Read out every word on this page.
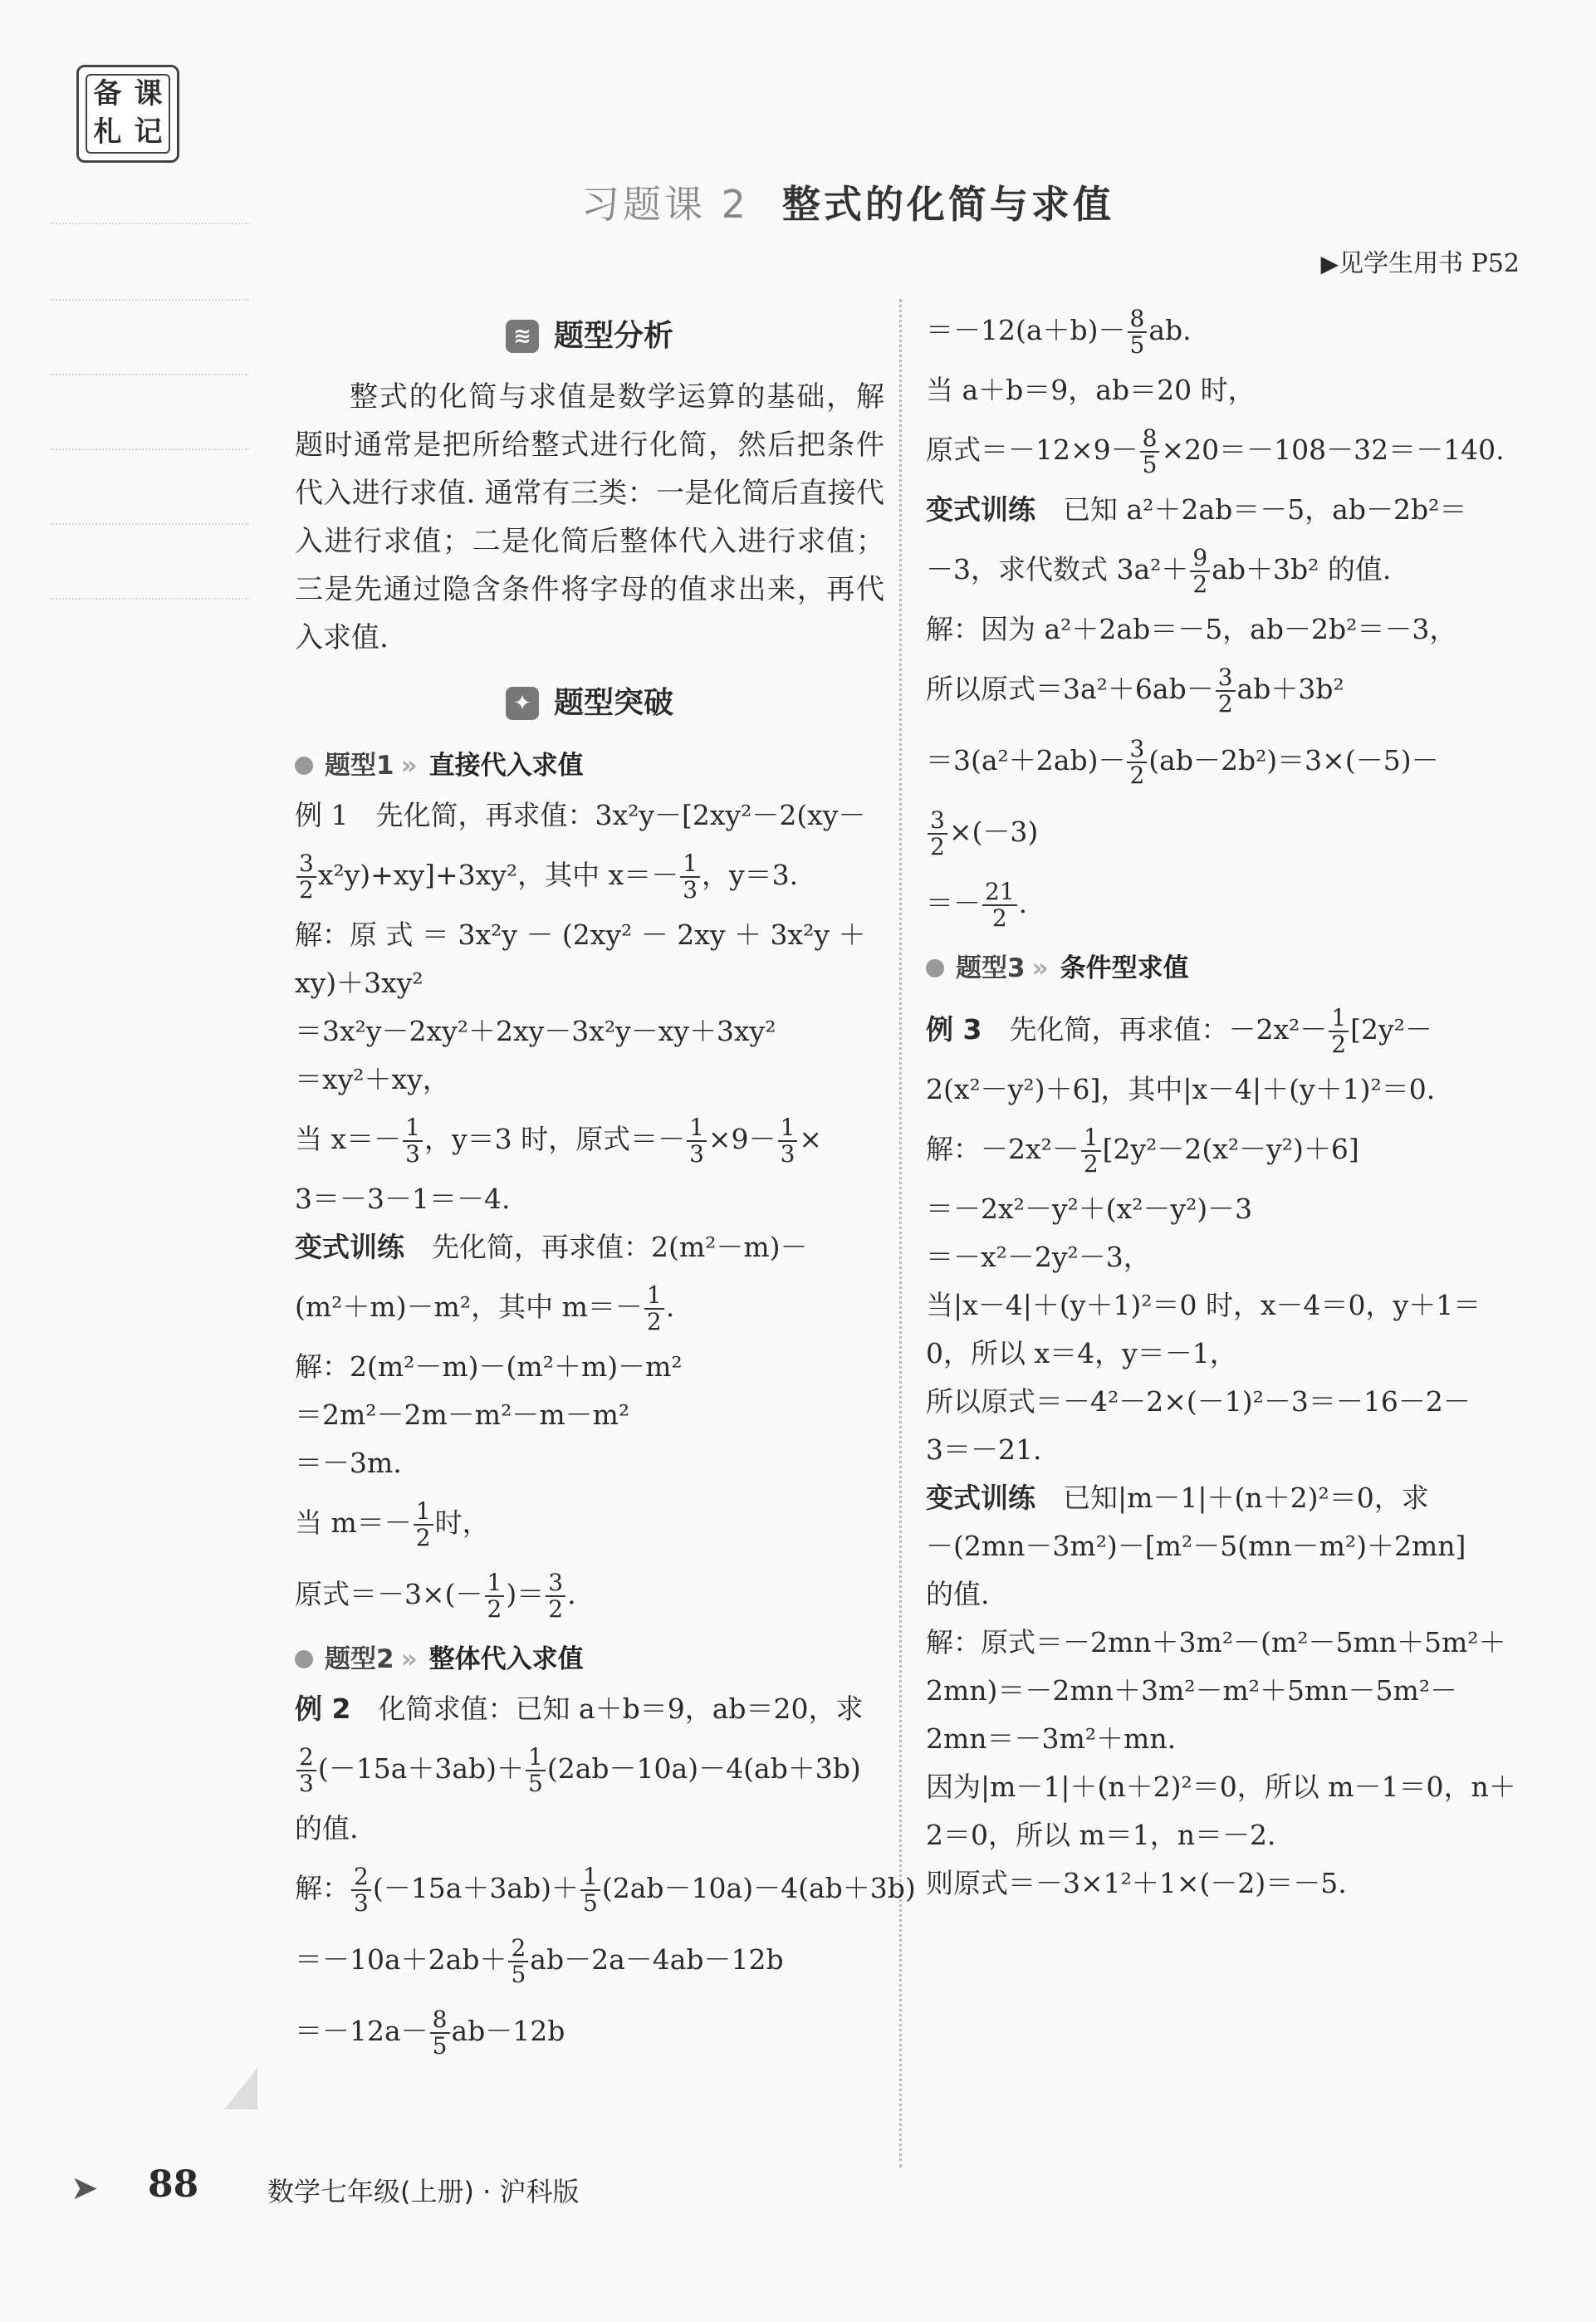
备 课
札 记
习题课 2 整式的化简与求值
▶见学生用书 P52
≋ 题型分析
整式的化简与求值是数学运算的基础，解题时通常是把所给整式进行化简，然后把条件代入进行求值. 通常有三类：一是化简后直接代入进行求值；二是化简后整体代入进行求值；三是先通过隐含条件将字母的值求出来，再代入求值.
✦ 题型突破
题型1 » 直接代入求值
例 1　先化简，再求值：3x²y－[2xy²－2(xy－
$\frac{3}{2} x^2y)+xy]+3xy^2$，其中 $x=- \frac{1}{3}$ ，y＝3.
解：原 式 ＝ 3x²y － (2xy² － 2xy ＋ 3x²y ＋
xy)＋3xy²
＝3x²y－2xy²＋2xy－3x²y－xy＋3xy²
＝xy²＋xy，
当 $x=- \frac{1}{3}$ ，y＝3 时，原式＝－ $\frac{1}{3} \times 9- \frac{1}{3}$ ×
3＝－3－1＝－4.
变式训练　先化简，再求值：2(m²－m)－
(m²＋m)－m²，其中 $m=- \frac{1}{2}$ .
解：2(m²－m)－(m²＋m)－m²
＝2m²－2m－m²－m－m²
＝－3m.
当 $m=- \frac{1}{2}$ 时，
原式$=-3\times(- \frac{1}{2}$ )＝ $\frac{3}{2}$ .
题型2 » 整体代入求值
例 2　化简求值：已知 a＋b＝9，ab＝20，求
$\frac{2}{3} (-15a+3ab)+ \frac{1}{5} (2ab-10a)-4(ab+3b)$
的值.
解： $\frac{2}{3} (-15a+3ab)+ \frac{1}{5} (2ab-10a)-4(ab+3b)$
$=-10a+2ab+ \frac{2}{5} ab-2a-4ab-12b$
$=-12a- \frac{8}{5} ab-12b$
$=-12(a+b)- \frac{8}{5}$ ab.
当 a＋b＝9，ab＝20 时，
原式$=-12\times 9- \frac{8}{5} \times 20=-108-32=-140$.
变式训练　已知 a²＋2ab＝－5，ab－2b²＝
－3，求代数式 $3a^2+ \frac{9}{2} ab+3b^2$ 的值.
解：因为 a²＋2ab＝－5，ab－2b²＝－3，
所以原式$=3a^2+6ab- \frac{3}{2} ab+3b^2$
$=3(a^2+2ab)- \frac{3}{2} (ab-2b^2)=3\times(-5)-$
$\frac{3}{2} \times(-3)$
＝－ $\frac{21}{2}$ .
题型3 » 条件型求值
例 3　先化简，再求值：$-2x^2- \frac{1}{2} [2y^2-$
2(x²－y²)＋6]，其中|x－4|＋(y＋1)²＝0.
解：$-2x^2- \frac{1}{2} [2y^2-2(x^2-y^2)+6]$
＝－2x²－y²＋(x²－y²)－3
＝－x²－2y²－3，
当|x－4|＋(y＋1)²＝0 时，x－4＝0，y＋1＝
0，所以 x＝4，y＝－1，
所以原式＝－4²－2×(－1)²－3＝－16－2－
3＝－21.
变式训练　已知|m－1|＋(n＋2)²＝0，求
－(2mn－3m²)－[m²－5(mn－m²)＋2mn]
的值.
解：原式＝－2mn＋3m²－(m²－5mn＋5m²＋
2mn)＝－2mn＋3m²－m²＋5mn－5m²－
2mn＝－3m²＋mn.
因为|m－1|＋(n＋2)²＝0，所以 m－1＝0，n＋
2＝0，所以 m＝1，n＝－2.
则原式＝－3×1²＋1×(－2)＝－5.
➤ 88	数学七年级(上册) · 沪科版
